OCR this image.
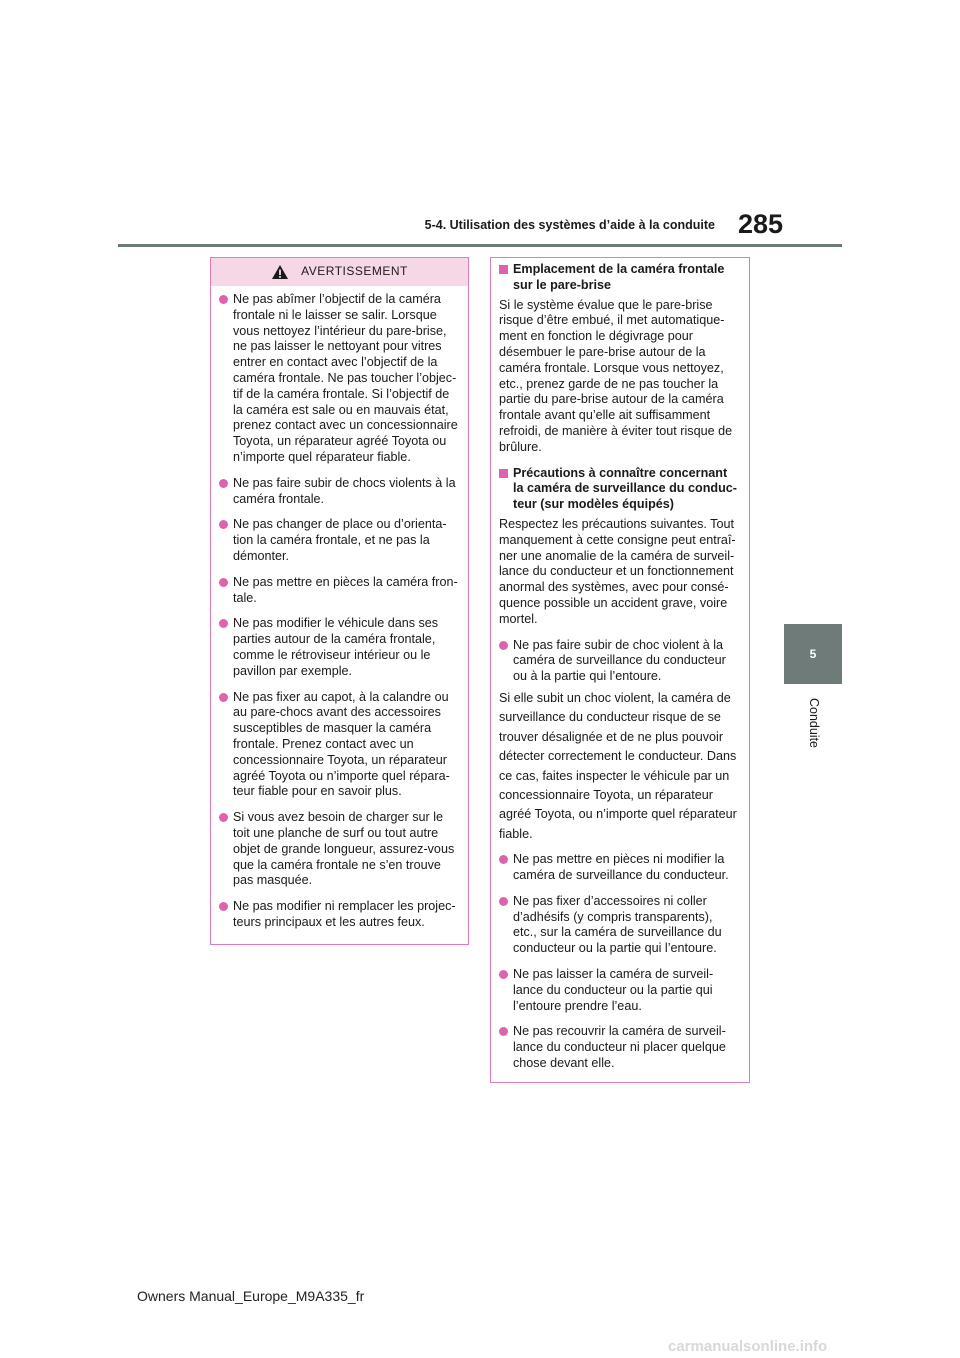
5-4. Utilisation des systèmes d’aide à la conduite 285
5
Conduite
AVERTISSEMENT
Ne pas abîmer l’objectif de la caméra
frontale ni le laisser se salir. Lorsque
vous nettoyez l’intérieur du pare-brise,
ne pas laisser le nettoyant pour vitres
entrer en contact avec l’objectif de la
caméra frontale. Ne pas toucher l’objec-
tif de la caméra frontale. Si l’objectif de
la caméra est sale ou en mauvais état,
prenez contact avec un concessionnaire
Toyota, un réparateur agréé Toyota ou
n’importe quel réparateur fiable.
Ne pas faire subir de chocs violents à la
caméra frontale.
Ne pas changer de place ou d’orienta-
tion la caméra frontale, et ne pas la
démonter.
Ne pas mettre en pièces la caméra fron-
tale.
Ne pas modifier le véhicule dans ses
parties autour de la caméra frontale,
comme le rétroviseur intérieur ou le
pavillon par exemple.
Ne pas fixer au capot, à la calandre ou
au pare-chocs avant des accessoires
susceptibles de masquer la caméra
frontale. Prenez contact avec un
concessionnaire Toyota, un réparateur
agréé Toyota ou n’importe quel répara-
teur fiable pour en savoir plus.
Si vous avez besoin de charger sur le
toit une planche de surf ou tout autre
objet de grande longueur, assurez-vous
que la caméra frontale ne s’en trouve
pas masquée.
Ne pas modifier ni remplacer les projec-
teurs principaux et les autres feux.
Emplacement de la caméra frontale
sur le pare-brise
Si le système évalue que le pare-brise
risque d’être embué, il met automatique-
ment en fonction le dégivrage pour
désembuer le pare-brise autour de la
caméra frontale. Lorsque vous nettoyez,
etc., prenez garde de ne pas toucher la
partie du pare-brise autour de la caméra
frontale avant qu’elle ait suffisamment
refroidi, de manière à éviter tout risque de
brûlure.
Précautions à connaître concernant
la caméra de surveillance du conduc-
teur (sur modèles équipés)
Respectez les précautions suivantes. Tout
manquement à cette consigne peut entraî-
ner une anomalie de la caméra de surveil-
lance du conducteur et un fonctionnement
anormal des systèmes, avec pour consé-
quence possible un accident grave, voire
mortel.
Ne pas faire subir de choc violent à la
caméra de surveillance du conducteur
ou à la partie qui l’entoure.
Si elle subit un choc violent, la caméra de
surveillance du conducteur risque de se
trouver désalignée et de ne plus pouvoir
détecter correctement le conducteur. Dans
ce cas, faites inspecter le véhicule par un
concessionnaire Toyota, un réparateur
agréé Toyota, ou n’importe quel réparateur
fiable.
Ne pas mettre en pièces ni modifier la
caméra de surveillance du conducteur.
Ne pas fixer d’accessoires ni coller
d’adhésifs (y compris transparents),
etc., sur la caméra de surveillance du
conducteur ou la partie qui l’entoure.
Ne pas laisser la caméra de surveil-
lance du conducteur ou la partie qui
l’entoure prendre l’eau.
Ne pas recouvrir la caméra de surveil-
lance du conducteur ni placer quelque
chose devant elle.
Owners Manual_Europe_M9A335_fr
carmanualsonline.info
